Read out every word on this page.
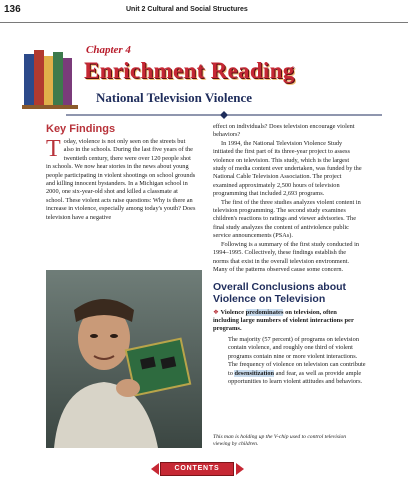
136	Unit 2 Cultural and Social Structures
Chapter 4
Enrichment Reading
National Television Violence
Key Findings
Today, violence is not only seen on the streets but also in the schools. During the last five years of the twentieth century, there were over 120 people shot in schools. We now hear stories in the news about young people participating in violent shootings on school grounds and killing innocent bystanders. In a Michigan school in 2000, one six-year-old shot and killed a classmate at school. These violent acts raise questions: Why is there an increase in violence, especially among today's youth? Does television have a negative

effect on individuals? Does television encourage violent behaviors?

In 1994, the National Television Violence Study initiated the first part of its three-year project to assess violence on television. This study, which is the largest study of media content ever undertaken, was funded by the National Cable Television Association. The project examined approximately 2,500 hours of television programming that included 2,693 programs.

The first of the three studies analyzes violent content in television programming. The second study examines children's reactions to ratings and viewer advisories. The final study analyzes the content of antiviolence public service announcements (PSAs).

Following is a summary of the first study conducted in 1994–1995. Collectively, these findings establish the norms that exist in the overall television environment. Many of the patterns observed cause some concern.

Overall Conclusions about Violence on Television
❖ Violence predominates on television, often including large numbers of violent interactions per programs.
The majority (57 percent) of programs on television contain violence, and roughly one third of violent programs contain nine or more violent interactions. The frequency of violence on television can contribute to desensitization and fear, as well as provide ample opportunities to learn violent attitudes and behaviors.
This man is holding up the V-chip used to control television viewing by children.
CONTENTS
